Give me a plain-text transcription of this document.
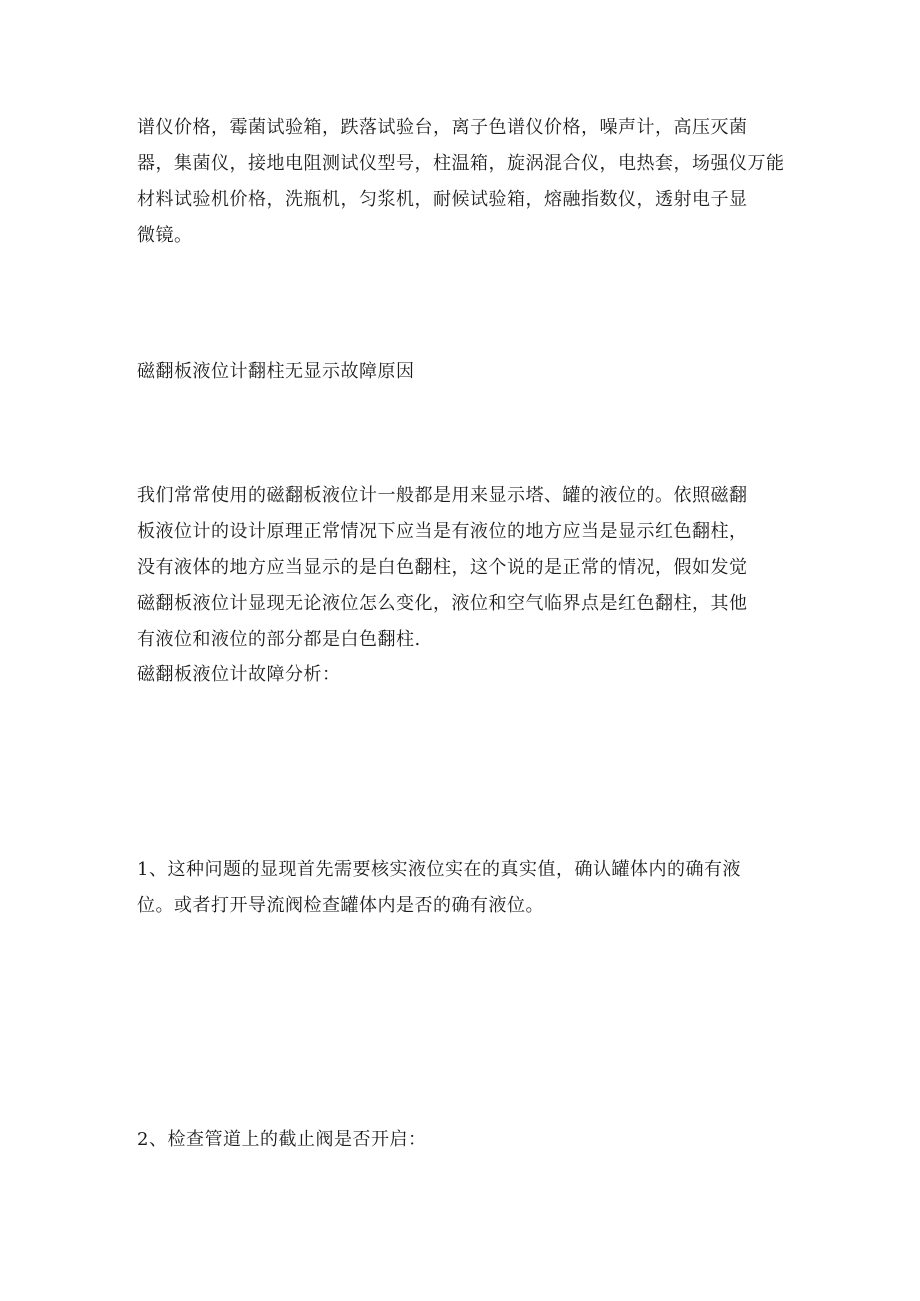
谱仪价格，霉菌试验箱，跌落试验台，离子色谱仪价格，噪声计，高压灭菌
器，集菌仪，接地电阻测试仪型号，柱温箱，旋涡混合仪，电热套，场强仪万能
材料试验机价格，洗瓶机，匀浆机，耐候试验箱，熔融指数仪，透射电子显
微镜。

磁翻板液位计翻柱无显示故障原因

我们常常使用的磁翻板液位计一般都是用来显示塔、罐的液位的。依照磁翻
板液位计的设计原理正常情况下应当是有液位的地方应当是显示红色翻柱，
没有液体的地方应当显示的是白色翻柱，这个说的是正常的情况，假如发觉
磁翻板液位计显现无论液位怎么变化，液位和空气临界点是红色翻柱，其他
有液位和液位的部分都是白色翻柱.

磁翻板液位计故障分析：

1、这种问题的显现首先需要核实液位实在的真实值，确认罐体内的确有液
位。或者打开导流阀检查罐体内是否的确有液位。

2、检查管道上的截止阀是否开启：
